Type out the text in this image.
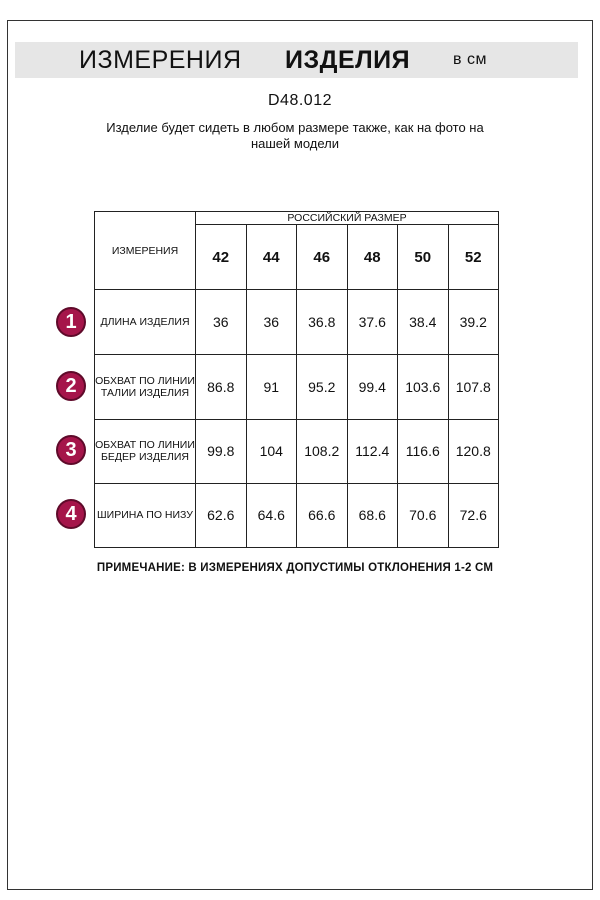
ИЗМЕРЕНИЯ ИЗДЕЛИЯ	в см
D48.012
Изделие будет сидеть в любом размере также, как на фото на нашей модели
1
2
3
4
ИЗМЕРЕНИЯ	РОССИЙСКИЙ РАЗМЕР					
	42	44	46	48	50	52
ДЛИНА ИЗДЕЛИЯ	36	36	36.8	37.6	38.4	39.2
ОБХВАТ ПО ЛИНИИ ТАЛИИ ИЗДЕЛИЯ	86.8	91	95.2	99.4	103.6	107.8
ОБХВАТ ПО ЛИНИИ БЕДЕР ИЗДЕЛИЯ	99.8	104	108.2	112.4	116.6	120.8
ШИРИНА ПО НИЗУ	62.6	64.6	66.6	68.6	70.6	72.6
ПРИМЕЧАНИЕ: В ИЗМЕРЕНИЯХ ДОПУСТИМЫ ОТКЛОНЕНИЯ 1-2 СМ
